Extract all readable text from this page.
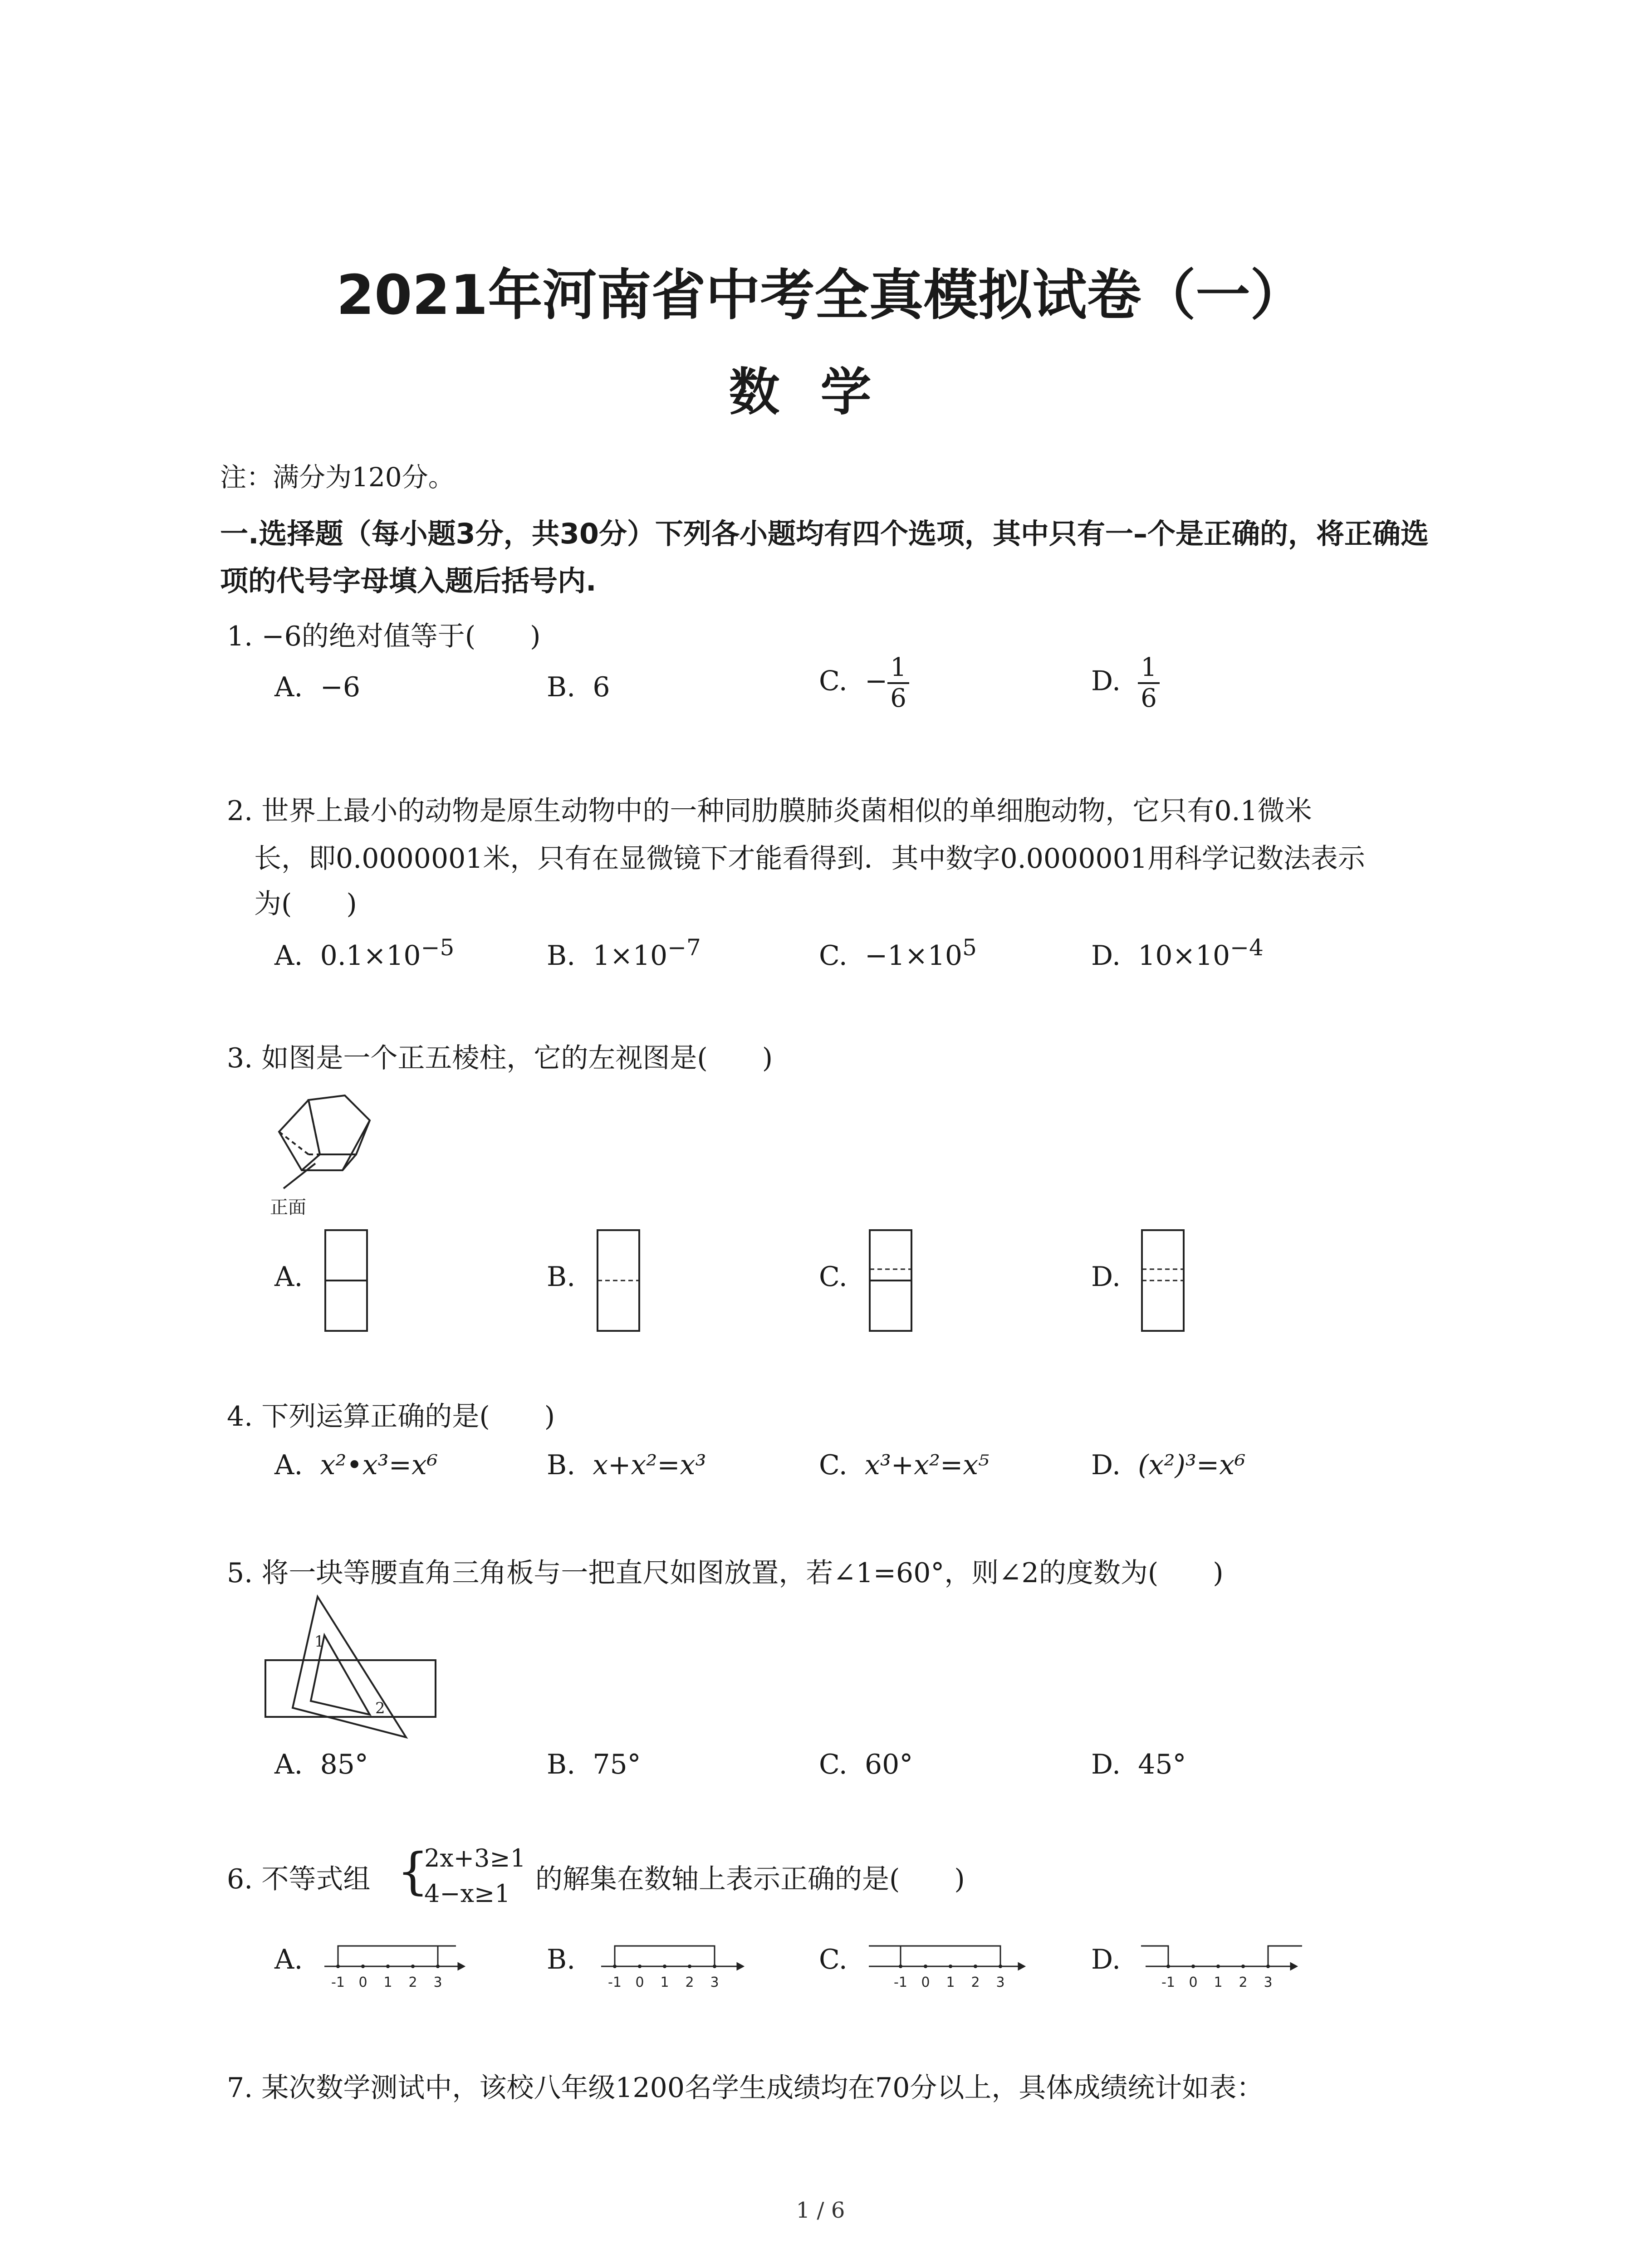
2021年河南省中考全真模拟试卷（一）
数学
注：满分为120分。
一.选择题（每小题3分，共30分）下列各小题均有四个选项，其中只有一–个是正确的，将正确选项的代号字母填入题后括号内.
1. −6的绝对值等于(　　)
A. −6	B. 6	C. − $\frac{1}{6}$	D. $\frac{1}{6}$
2. 世界上最小的动物是原生动物中的一种同肋膜肺炎菌相似的单细胞动物，它只有0.1微米
长，即0.0000001米，只有在显微镜下才能看得到．其中数字0.0000001用科学记数法表示
为(　　)
A. $0.1\times 10^{-5}$	B. $1\times 10^{-7}$	C. $-1\times 10^5$	D. $10\times 10^{-4}$
3. 如图是一个正五棱柱，它的左视图是(　　)
正面
A.	B.	C.	D.
4. 下列运算正确的是(　　)
A. x²•x³=x⁶	B. x+x²=x³	C. x³+x²=x⁵	D. (x²)³=x⁶
5. 将一块等腰直角三角板与一把直尺如图放置，若∠1=60°，则∠2的度数为(　　)
1
2
A. 85°	B. 75°	C. 60°	D. 45°
6. 不等式组 {
2x+3≥1
4−x≥1 的解集在数轴上表示正确的是(　　)
A.
-1 0 1 2 3
B.
-1 0 1 2 3
C.
-1 0 1 2 3
D.
-1 0 1 2 3
7. 某次数学测试中，该校八年级1200名学生成绩均在70分以上，具体成绩统计如表：
1 / 6
